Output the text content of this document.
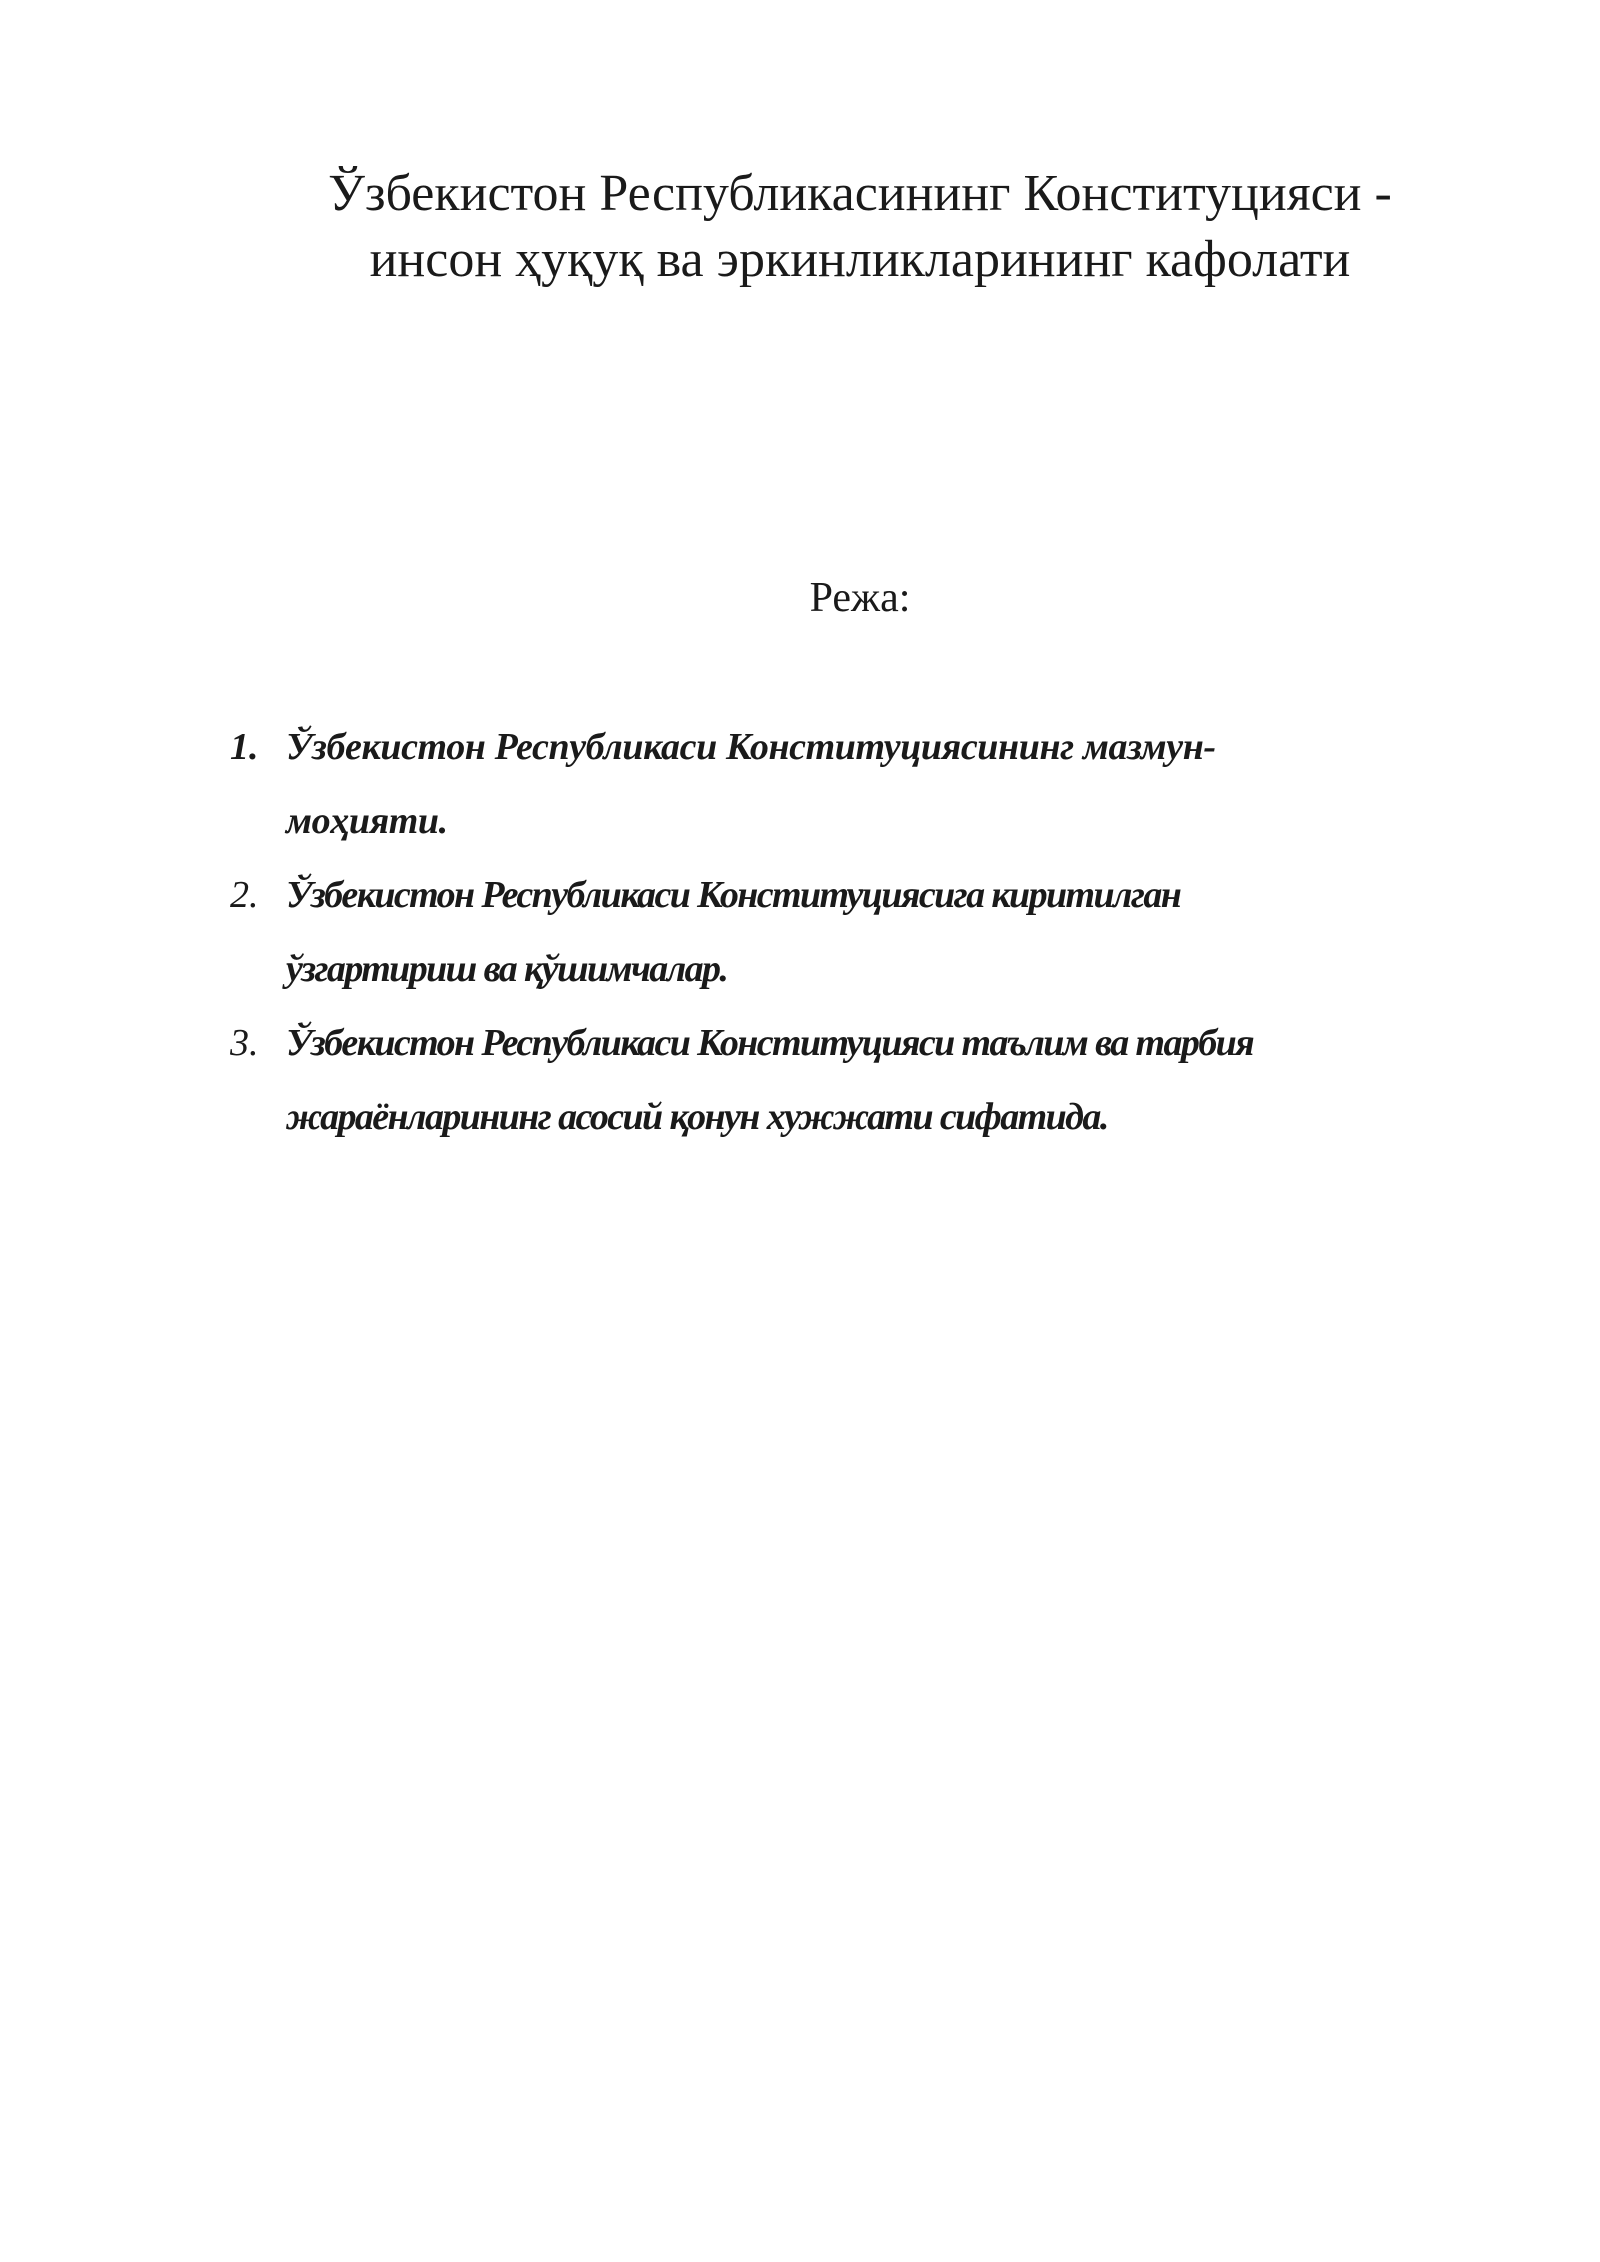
Ўзбекистон Республикасининг Конституцияси -
инсон ҳуқуқ ва эркинликларининг кафолати
Режа:
1. Ўзбекистон Республикаси Конституциясининг мазмун-
моҳияти.
2. Ўзбекистон Республикаси Конституциясига киритилган
ўзгартириш ва қўшимчалар.
3. Ўзбекистон Республикаси Конституцияси таълим ва тарбия
жараёнларининг асосий қонун хужжати сифатида.
